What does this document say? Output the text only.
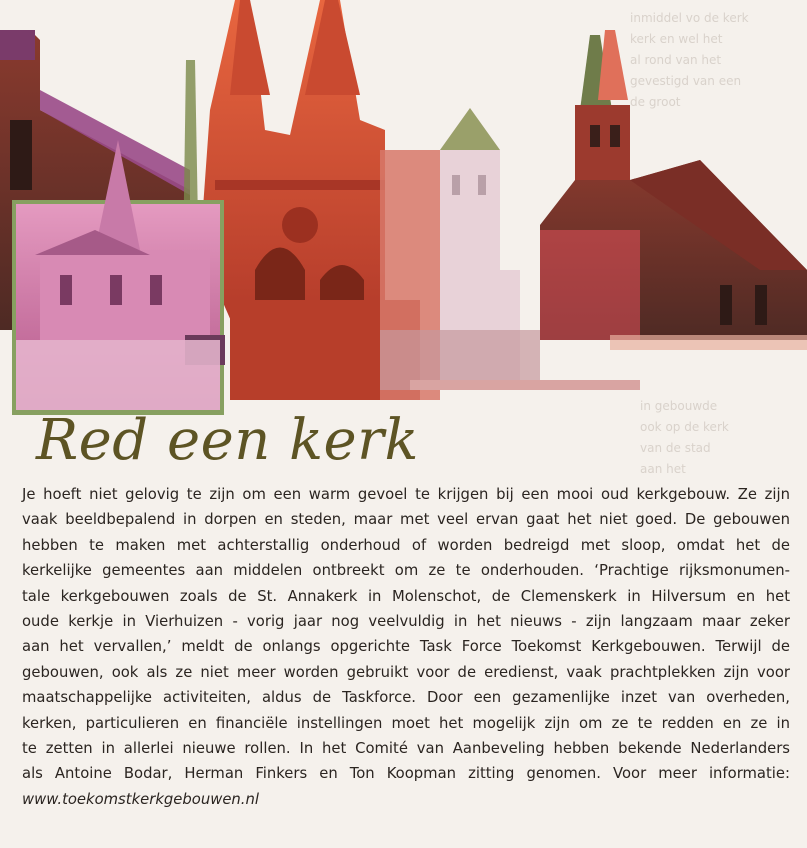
inmiddel vo de kerk
kerk en wel het
al rond van het
gevestigd van een
de groot
in gebouwde
ook op de kerk
van de stad
aan het
Red een kerk
Je hoeft niet gelovig te zijn om een warm gevoel te krijgen bij een mooi oud kerkgebouw. Ze zijn
vaak beeldbepalend in dorpen en steden, maar met veel ervan gaat het niet goed. De gebouwen
hebben te maken met achterstallig onderhoud of worden bedreigd met sloop, omdat het de
kerkelijke gemeentes aan middelen ontbreekt om ze te onderhouden. ‘Prachtige rijksmonumen-
tale kerkgebouwen zoals de St. Annakerk in Molenschot, de Clemenskerk in Hilversum en het
oude kerkje in Vierhuizen - vorig jaar nog veelvuldig in het nieuws - zijn langzaam maar zeker
aan het vervallen,’ meldt de onlangs opgerichte Task Force Toekomst Kerkgebouwen. Terwijl de
gebouwen, ook als ze niet meer worden gebruikt voor de eredienst, vaak prachtplekken zijn voor
maatschappelijke activiteiten, aldus de Taskforce. Door een gezamenlijke inzet van overheden,
kerken, particulieren en financiële instellingen moet het mogelijk zijn om ze te redden en ze in
te zetten in allerlei nieuwe rollen. In het Comité van Aanbeveling hebben bekende Nederlanders
als Antoine Bodar, Herman Finkers en Ton Koopman zitting genomen. Voor meer informatie:
www.toekomstkerkgebouwen.nl
